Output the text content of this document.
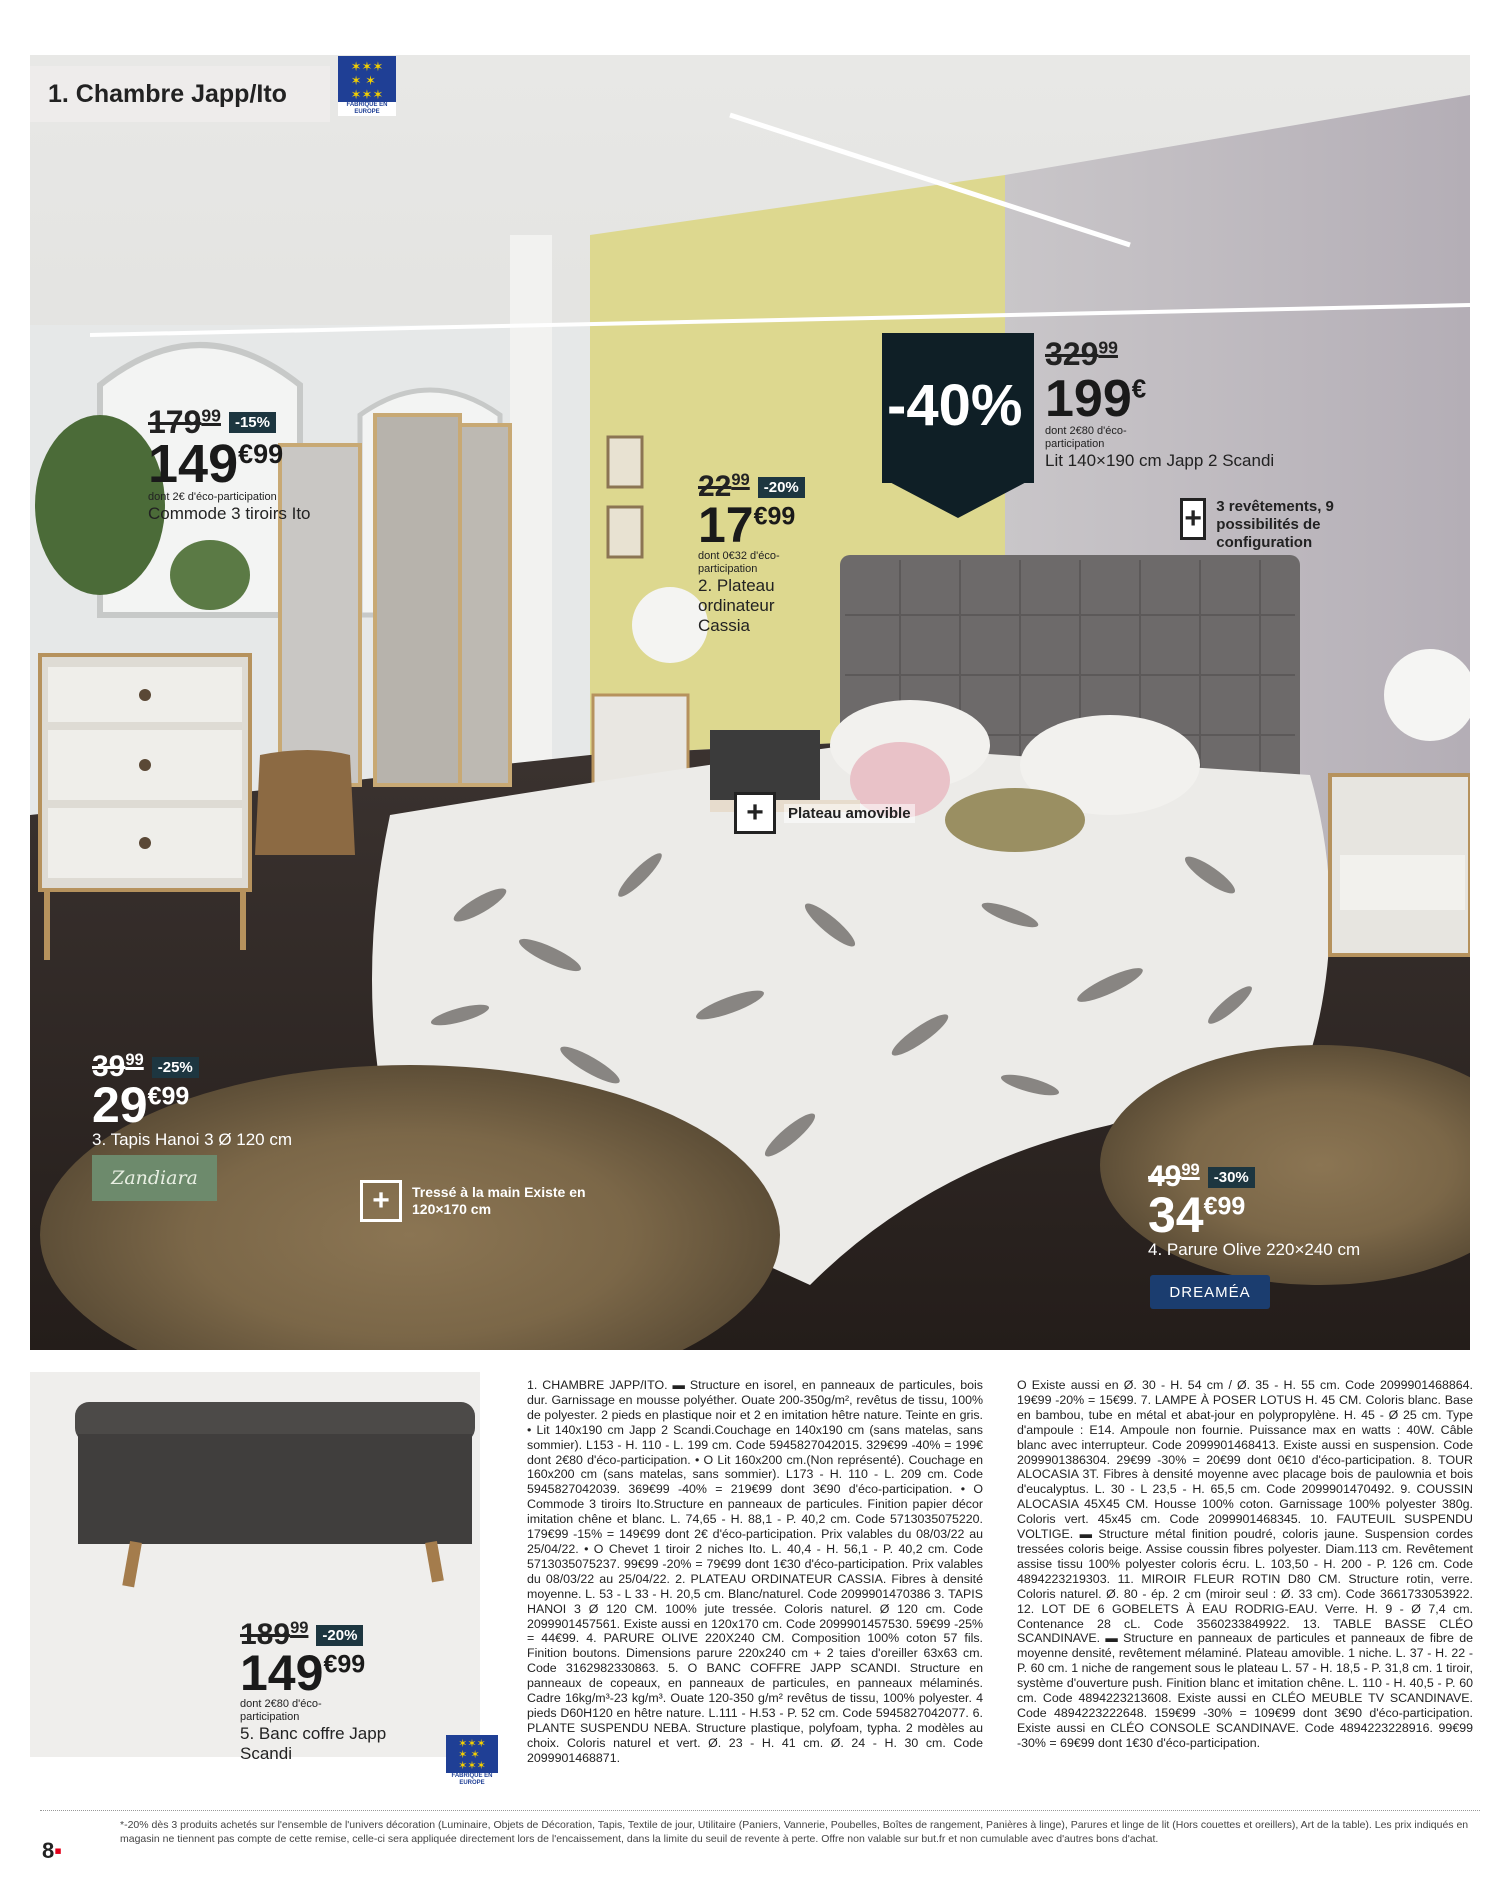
1. Chambre Japp/Ito
✶✶✶
✶ ✶
✶✶✶
FABRIQUÉ EN EUROPE
$179^{99}$ -15%
$149^{€99}$
dont 2€ d'éco-participation
Commode 3 tiroirs Ito
$22^{99}$ -20%
$17^{€99}$
dont 0€32 d'éco-participation
2. Plateau ordinateur Cassia
-40%
$329^{99}$
199€
dont 2€80 d'éco-participation
Lit 140×190 cm Japp 2 Scandi
+ 3 revêtements, 9 possibilités de configuration
+	Plateau amovible
$39^{99}$ -25%
$29^{€99}$
3. Tapis Hanoi 3 Ø 120 cm
Zandiara
+	Tressé à la main Existe en 120×170 cm
$49^{99}$ -30%
$34^{€99}$
4. Parure Olive 220×240 cm
DREAMÉA
$189^{99}$ -20%
$149^{€99}$
dont 2€80 d'éco-participation
5. Banc coffre Japp Scandi	✶✶✶
✶ ✶
✶✶✶
FABRIQUÉ EN EUROPE
1. CHAMBRE JAPP/ITO. ▬ Structure en isorel, en panneaux de particules, bois dur. Garnissage en mousse polyéther. Ouate 200-350g/m², revêtus de tissu, 100% de polyester. 2 pieds en plastique noir et 2 en imitation hêtre nature. Teinte en gris. • Lit 140x190 cm Japp 2 Scandi.Couchage en 140x190 cm (sans matelas, sans sommier). L153 - H. 110 - L. 199 cm. Code 5945827042015. 329€99 -40% = 199€ dont 2€80 d'éco-participation. • O Lit 160x200 cm.(Non représenté). Couchage en 160x200 cm (sans matelas, sans sommier). L173 - H. 110 - L. 209 cm. Code 5945827042039. 369€99 -40% = 219€99 dont 3€90 d'éco-participation. • O Commode 3 tiroirs Ito.Structure en panneaux de particules. Finition papier décor imitation chêne et blanc. L. 74,65 - H. 88,1 - P. 40,2 cm. Code 5713035075220. 179€99 -15% = 149€99 dont 2€ d'éco-participation. Prix valables du 08/03/22 au 25/04/22. • O Chevet 1 tiroir 2 niches Ito. L. 40,4 - H. 56,1 - P. 40,2 cm. Code 5713035075237. 99€99 -20% = 79€99 dont 1€30 d'éco-participation. Prix valables du 08/03/22 au 25/04/22. 2. PLATEAU ORDINATEUR CASSIA. Fibres à densité moyenne. L. 53 - L 33 - H. 20,5 cm. Blanc/naturel. Code 2099901470386 3. TAPIS HANOI 3 Ø 120 CM. 100% jute tressée. Coloris naturel. Ø 120 cm. Code 2099901457561. Existe aussi en 120x170 cm. Code 2099901457530. 59€99 -25% = 44€99. 4. PARURE OLIVE 220X240 CM. Composition 100% coton 57 fils. Finition boutons. Dimensions parure 220x240 cm + 2 taies d'oreiller 63x63 cm. Code 3162982330863. 5. O BANC COFFRE JAPP SCANDI. Structure en panneaux de copeaux, en panneaux de particules, en panneaux mélaminés. Cadre 16kg/m³-23 kg/m³. Ouate 120-350 g/m² revêtus de tissu, 100% polyester. 4 pieds D60H120 en hêtre nature. L.111 - H.53 - P. 52 cm. Code 5945827042077. 6. PLANTE SUSPENDU NEBA. Structure plastique, polyfoam, typha. 2 modèles au choix. Coloris naturel et vert. Ø. 23 - H. 41 cm. Ø. 24 - H. 30 cm. Code 2099901468871.
O Existe aussi en Ø. 30 - H. 54 cm / Ø. 35 - H. 55 cm. Code 2099901468864. 19€99 -20% = 15€99. 7. LAMPE À POSER LOTUS H. 45 CM. Coloris blanc. Base en bambou, tube en métal et abat-jour en polypropylène. H. 45 - Ø 25 cm. Type d'ampoule : E14. Ampoule non fournie. Puissance max en watts : 40W. Câble blanc avec interrupteur. Code 2099901468413. Existe aussi en suspension. Code 2099901386304. 29€99 -30% = 20€99 dont 0€10 d'éco-participation. 8. TOUR ALOCASIA 3T. Fibres à densité moyenne avec placage bois de paulownia et bois d'eucalyptus. L. 30 - L 23,5 - H. 65,5 cm. Code 2099901470492. 9. COUSSIN ALOCASIA 45X45 CM. Housse 100% coton. Garnissage 100% polyester 380g. Coloris vert. 45x45 cm. Code 2099901468345. 10. FAUTEUIL SUSPENDU VOLTIGE. ▬ Structure métal finition poudré, coloris jaune. Suspension cordes tressées coloris beige. Assise coussin fibres polyester. Diam.113 cm. Revêtement assise tissu 100% polyester coloris écru. L. 103,50 - H. 200 - P. 126 cm. Code 4894223219303. 11. MIROIR FLEUR ROTIN D80 CM. Structure rotin, verre. Coloris naturel. Ø. 80 - ép. 2 cm (miroir seul : Ø. 33 cm). Code 3661733053922. 12. LOT DE 6 GOBELETS À EAU RODRIG-EAU. Verre. H. 9 - Ø 7,4 cm. Contenance 28 cL. Code 3560233849922. 13. TABLE BASSE CLÉO SCANDINAVE. ▬ Structure en panneaux de particules et panneaux de fibre de moyenne densité, revêtement mélaminé. Plateau amovible. 1 niche. L. 37 - H. 22 - P. 60 cm. 1 niche de rangement sous le plateau L. 57 - H. 18,5 - P. 31,8 cm. 1 tiroir, système d'ouverture push. Finition blanc et imitation chêne. L. 110 - H. 40,5 - P. 60 cm. Code 4894223213608. Existe aussi en CLÉO MEUBLE TV SCANDINAVE. Code 4894223222648. 159€99 -30% = 109€99 dont 3€90 d'éco-participation. Existe aussi en CLÉO CONSOLE SCANDINAVE. Code 4894223228916. 99€99 -30% = 69€99 dont 1€30 d'éco-participation.
8▪
*-20% dès 3 produits achetés sur l'ensemble de l'univers décoration (Luminaire, Objets de Décoration, Tapis, Textile de jour, Utilitaire (Paniers, Vannerie, Poubelles, Boîtes de rangement, Panières à linge), Parures et linge de lit (Hors couettes et oreillers), Art de la table). Les prix indiqués en magasin ne tiennent pas compte de cette remise, celle-ci sera appliquée directement lors de l'encaissement, dans la limite du seuil de revente à perte. Offre non valable sur but.fr et non cumulable avec d'autres bons d'achat.
